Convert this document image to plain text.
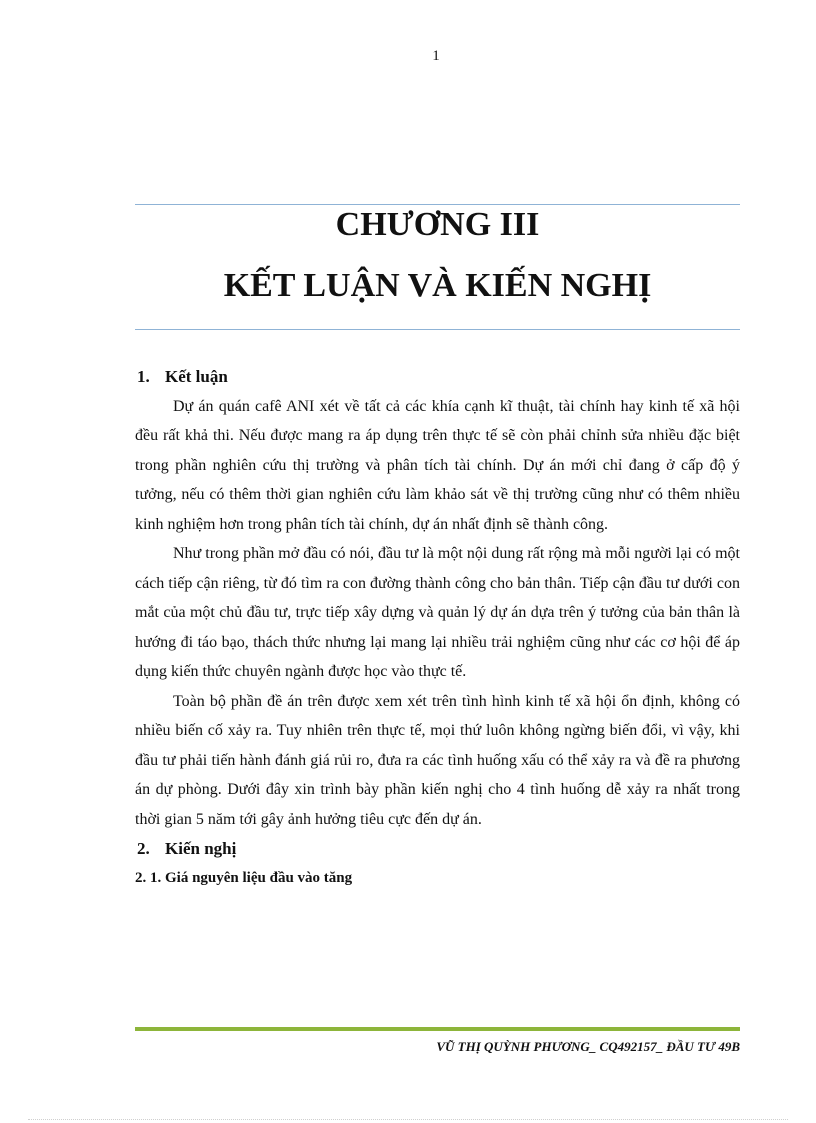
1
CHƯƠNG III
KẾT LUẬN VÀ KIẾN NGHỊ
1. Kết luận

Dự án quán cafê ANI xét về tất cả các khía cạnh kĩ thuật, tài chính hay kinh tế xã hội đều rất khả thi. Nếu được mang ra áp dụng trên thực tế sẽ còn phải chỉnh sửa nhiều đặc biệt trong phần nghiên cứu thị trường và phân tích tài chính. Dự án mới chỉ đang ở cấp độ ý tưởng, nếu có thêm thời gian nghiên cứu làm khảo sát về thị trường cũng như có thêm nhiều kinh nghiệm hơn trong phân tích tài chính, dự án nhất định sẽ thành công.

Như trong phần mở đầu có nói, đầu tư là một nội dung rất rộng mà mỗi người lại có một cách tiếp cận riêng, từ đó tìm ra con đường thành công cho bản thân. Tiếp cận đầu tư dưới con mắt của một chủ đầu tư, trực tiếp xây dựng và quản lý dự án dựa trên ý tưởng của bản thân là hướng đi táo bạo, thách thức nhưng lại mang lại nhiều trải nghiệm cũng như các cơ hội để áp dụng kiến thức chuyên ngành được học vào thực tế.

Toàn bộ phần đề án trên được xem xét trên tình hình kinh tế xã hội ổn định, không có nhiều biến cố xảy ra. Tuy nhiên trên thực tế, mọi thứ luôn không ngừng biến đổi, vì vậy, khi đầu tư phải tiến hành đánh giá rủi ro, đưa ra các tình huống xấu có thể xảy ra và đề ra phương án dự phòng. Dưới đây xin trình bày phần kiến nghị cho 4 tình huống dễ xảy ra nhất trong thời gian 5 năm tới gây ảnh hưởng tiêu cực đến dự án.

2. Kiến nghị
2. 1. Giá nguyên liệu đầu vào tăng
VŨ THỊ QUỲNH PHƯƠNG_ CQ492157_ ĐẦU TƯ 49B
